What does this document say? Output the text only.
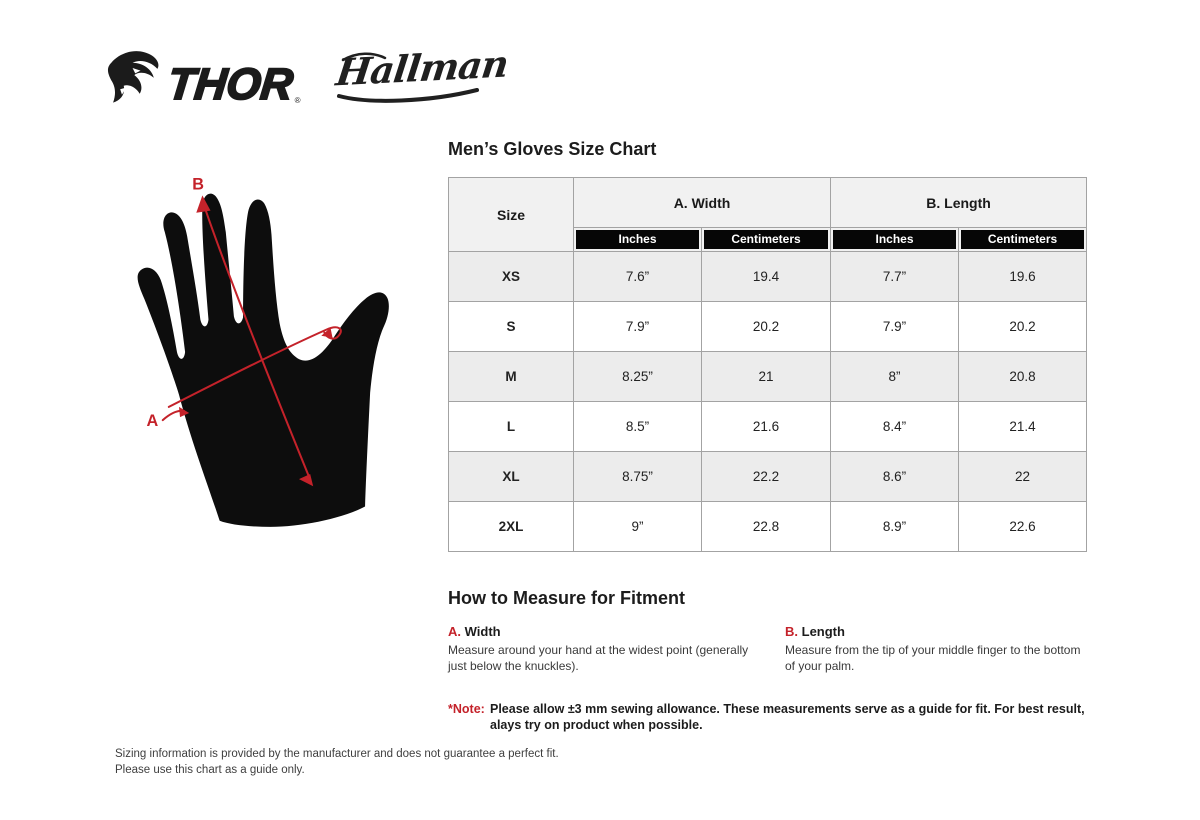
THOR ®
Hallman
B
A
Men’s Gloves Size Chart
Size	A. Width		B. Length	

	Inches	Centimeters	Inches	Centimeters

XS	7.6”	19.4	7.7”	19.6
S	7.9”	20.2	7.9”	20.2
M	8.25”	21	8”	20.8
L	8.5”	21.6	8.4”	21.4
XL	8.75”	22.2	8.6”	22
2XL	9”	22.8	8.9”	22.6
How to Measure for Fitment
A. Width
Measure around your hand at the widest point (generally just below the knuckles).
B. Length
Measure from the tip of your middle finger to the bottom of your palm.
*Note: Please allow ±3 mm sewing allowance. These measurements serve as a guide for fit. For best result, alays try on product when possible.
Sizing information is provided by the manufacturer and does not guarantee a perfect fit.
Please use this chart as a guide only.
